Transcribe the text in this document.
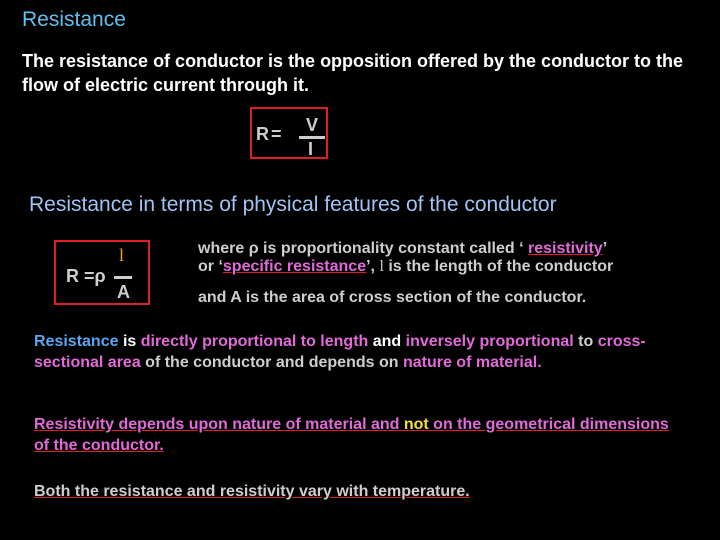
Resistance
The resistance of conductor is the opposition offered by the conductor to the flow of electric current through it.
R= V
I
Resistance in terms of physical features of the conductor
R =ρ
l
A
where ρ is proportionality constant called ‘ resistivity’
or ‘specific resistance’, l is the length of the conductor
and A is the area of cross section of the conductor.
Resistance is directly proportional to length and inversely proportional to cross-sectional area of the conductor and depends on nature of material.
Resistivity depends upon nature of material and not on the geometrical dimensions of the conductor.
Both the resistance and resistivity vary with temperature.
